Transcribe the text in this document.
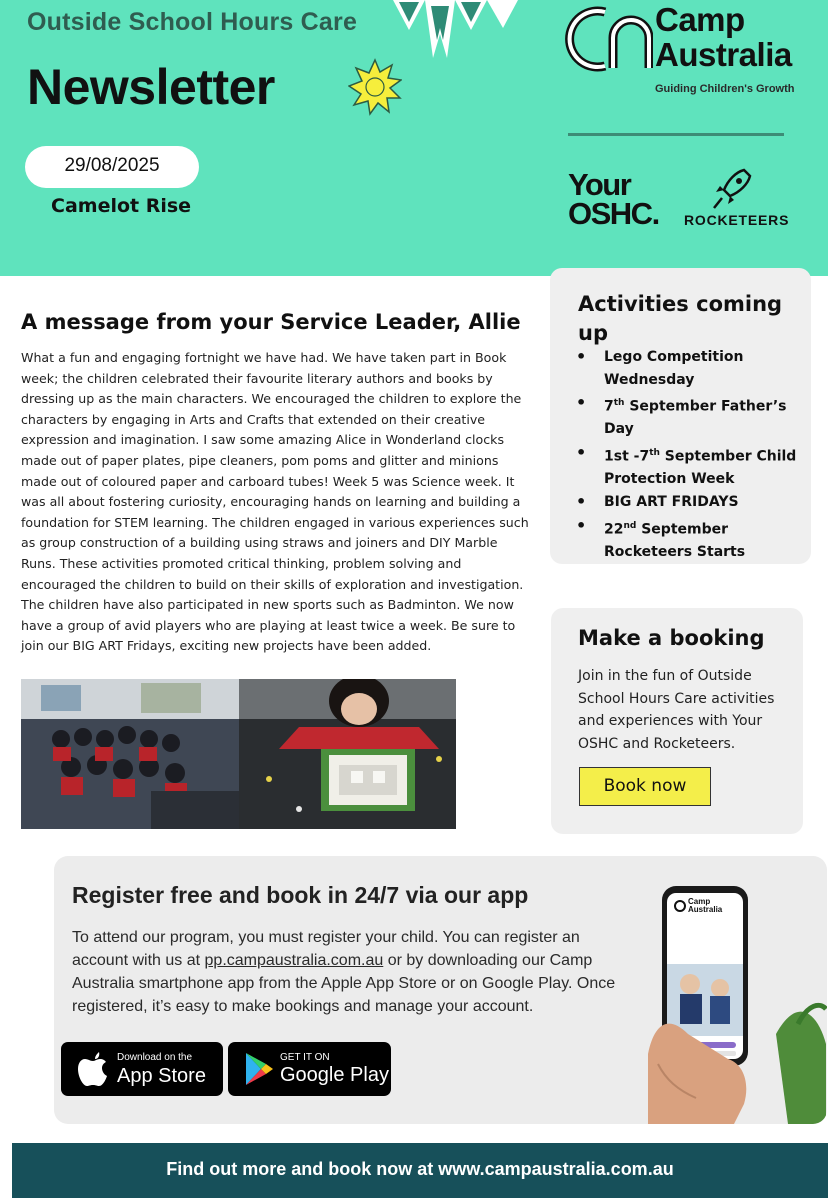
Outside School Hours Care
Newsletter
29/08/2025
Camelot Rise
Camp
Australia
Guiding Children's Growth
Your
OSHC. ROCKETEERS
A message from your Service Leader, Allie
What a fun and engaging fortnight we have had. We have taken part in Book week; the children celebrated their favourite literary authors and books by dressing up as the main characters. We encouraged the children to explore the characters by engaging in Arts and Crafts that extended on their creative expression and imagination. I saw some amazing Alice in Wonderland clocks made out of paper plates, pipe cleaners, pom poms and glitter and minions made out of coloured paper and carboard tubes! Week 5 was Science week. It was all about fostering curiosity, encouraging hands on learning and building a foundation for STEM learning. The children engaged in various experiences such as group construction of a building using straws and joiners and DIY Marble Runs. These activities promoted critical thinking, problem solving and encouraged the children to build on their skills of exploration and investigation. The children have also participated in new sports such as Badminton. We now have a group of avid players who are playing at least twice a week. Be sure to join our BIG ART Fridays, exciting new projects have been added.
Activities coming up
• Lego Competition Wednesday
• 7th September Father’s Day
• 1st -7th September Child Protection Week
• BIG ART FRIDAYS
• 22nd September Rocketeers Starts
Make a booking
Join in the fun of Outside School Hours Care activities and experiences with Your OSHC and Rocketeers.
Book now
Register free and book in 24/7 via our app
To attend our program, you must register your child. You can register an account with us at pp.campaustralia.com.au or by downloading our Camp Australia smartphone app from the Apple App Store or on Google Play. Once registered, it’s easy to make bookings and manage your account.
Download on the
App Store
GET IT ON
Google Play
Camp
Australia
Find out more and book now at www.campaustralia.com.au
